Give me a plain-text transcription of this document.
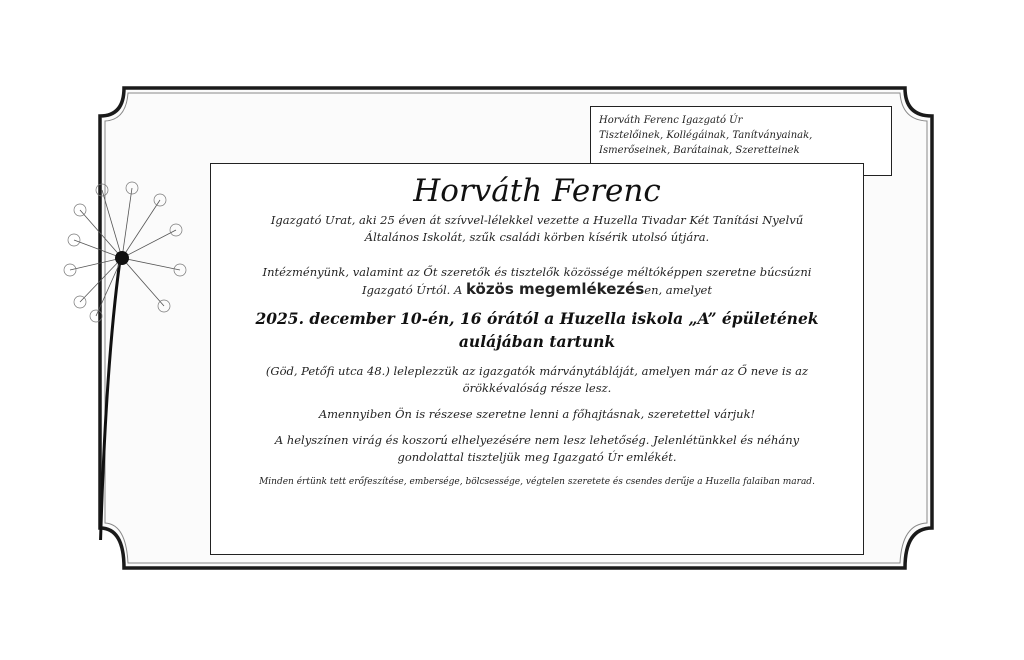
Horváth Ferenc Igazgató Úr
Tisztelőinek, Kollégáinak, Tanítványainak,
Ismerőseinek, Barátainak, Szeretteinek
Horváth Ferenc

Igazgató Urat, aki 25 éven át szívvel-lélekkel vezette a Huzella Tivadar Két Tanítási Nyelvű
Általános Iskolát, szűk családi körben kísérik utolsó útjára.

Intézményünk, valamint az Őt szeretők és tisztelők közössége méltóképpen szeretne búcsúzni
Igazgató Úrtól. A közös megemlékezésen, amelyet

2025. december 10-én, 16 órától a Huzella iskola „A” épületének
aulájában tartunk

(Göd, Petőfi utca 48.) leleplezzük az igazgatók márványtábláját, amelyen már az Ő neve is az
örökkévalóság része lesz.

Amennyiben Ön is részese szeretne lenni a főhajtásnak, szeretettel várjuk!

A helyszínen virág és koszorú elhelyezésére nem lesz lehetőség. Jelenlétünkkel és néhány
gondolattal tiszteljük meg Igazgató Úr emlékét.

Minden értünk tett erőfeszítése, embersége, bölcsessége, végtelen szeretete és csendes derűje a Huzella falaiban marad.
